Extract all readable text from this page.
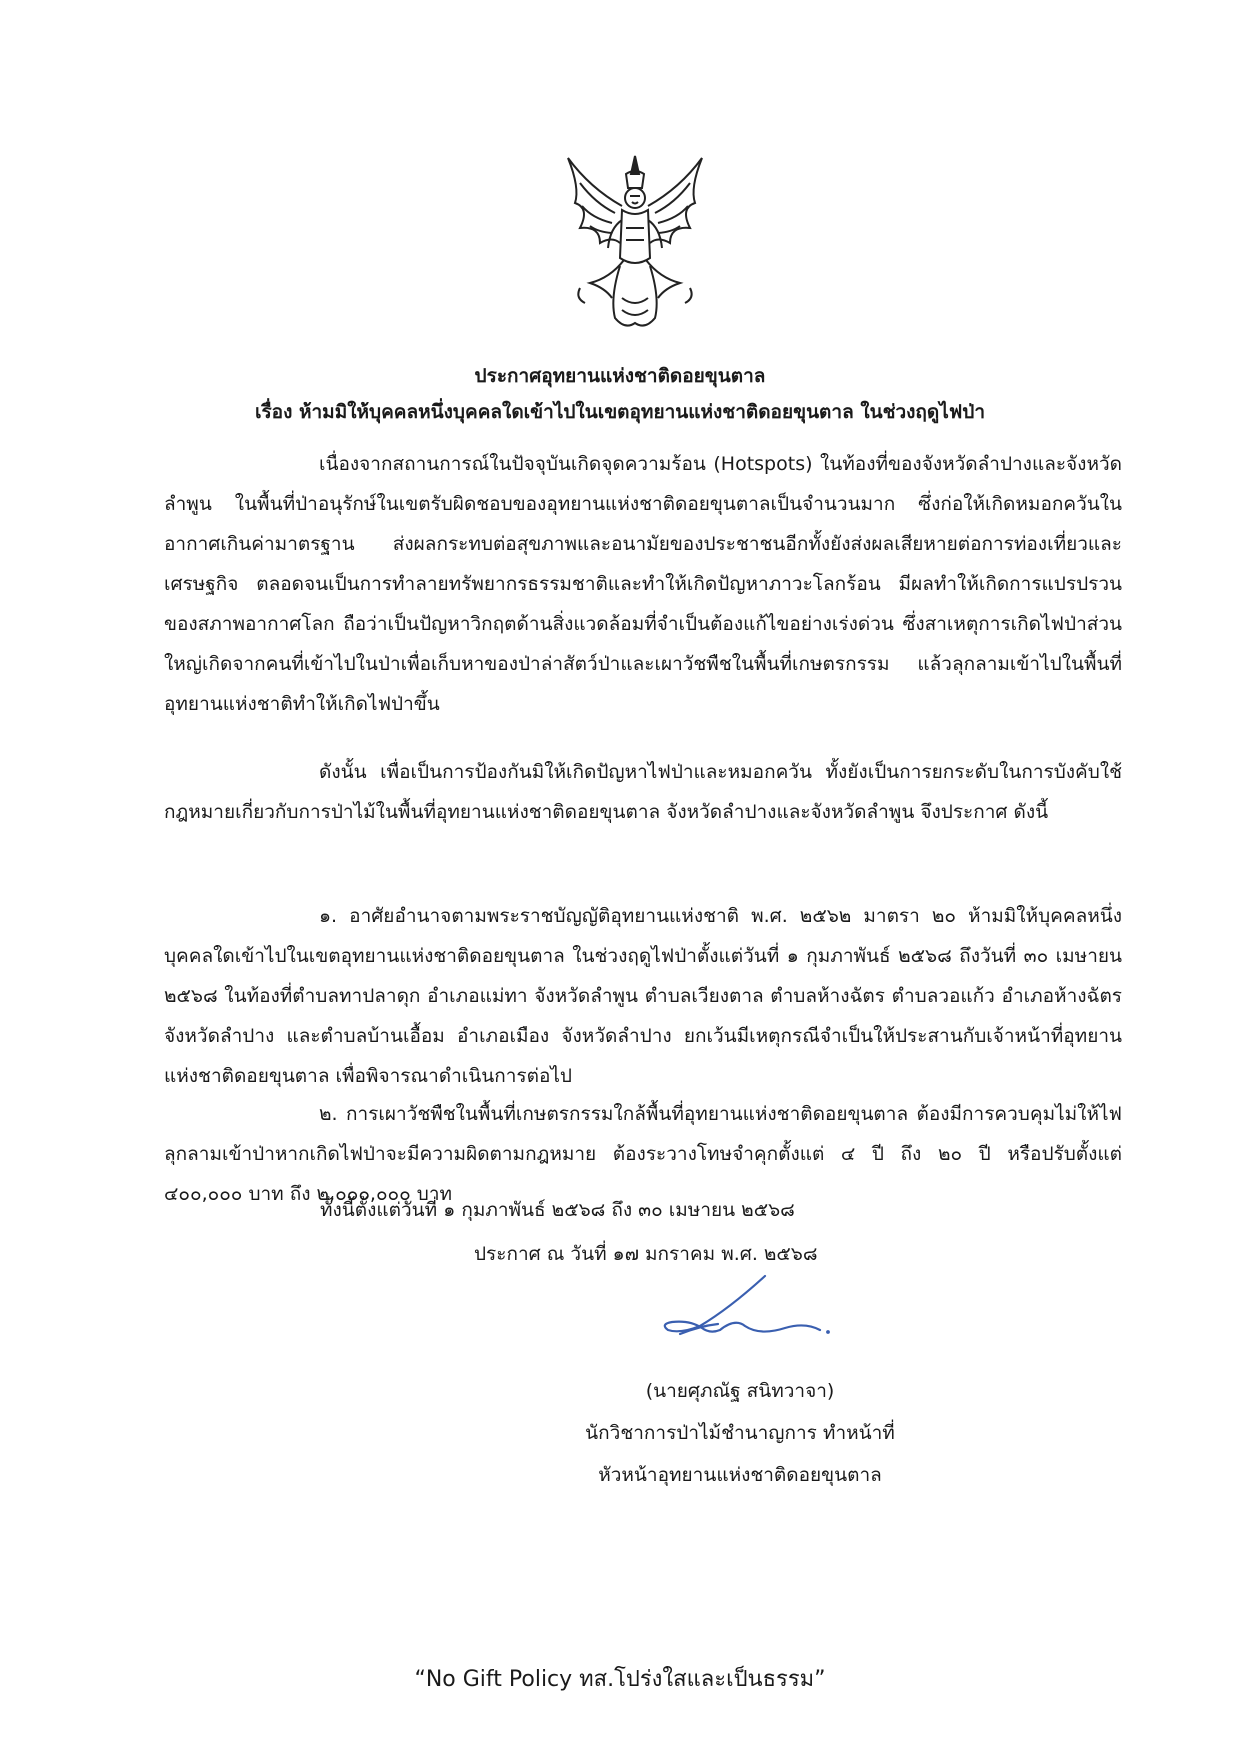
ประกาศอุทยานแห่งชาติดอยขุนตาล
เรื่อง ห้ามมิให้บุคคลหนึ่งบุคคลใดเข้าไปในเขตอุทยานแห่งชาติดอยขุนตาล ในช่วงฤดูไฟป่า

เนื่องจากสถานการณ์ในปัจจุบันเกิดจุดความร้อน (Hotspots) ในท้องที่ของจังหวัดลำปางและจังหวัดลำพูน ในพื้นที่ป่าอนุรักษ์ในเขตรับผิดชอบของอุทยานแห่งชาติดอยขุนตาลเป็นจำนวนมาก ซึ่งก่อให้เกิดหมอกควันในอากาศเกินค่ามาตรฐาน ส่งผลกระทบต่อสุขภาพและอนามัยของประชาชนอีกทั้งยังส่งผลเสียหายต่อการท่องเที่ยวและเศรษฐกิจ ตลอดจนเป็นการทำลายทรัพยากรธรรมชาติและทำให้เกิดปัญหาภาวะโลกร้อน มีผลทำให้เกิดการแปรปรวนของสภาพอากาศโลก ถือว่าเป็นปัญหาวิกฤตด้านสิ่งแวดล้อมที่จำเป็นต้องแก้ไขอย่างเร่งด่วน ซึ่งสาเหตุการเกิดไฟป่าส่วนใหญ่เกิดจากคนที่เข้าไปในป่าเพื่อเก็บหาของป่าล่าสัตว์ป่าและเผาวัชพืชในพื้นที่เกษตรกรรม แล้วลุกลามเข้าไปในพื้นที่อุทยานแห่งชาติทำให้เกิดไฟป่าขึ้น

ดังนั้น เพื่อเป็นการป้องกันมิให้เกิดปัญหาไฟป่าและหมอกควัน ทั้งยังเป็นการยกระดับในการบังคับใช้กฎหมายเกี่ยวกับการป่าไม้ในพื้นที่อุทยานแห่งชาติดอยขุนตาล จังหวัดลำปางและจังหวัดลำพูน จึงประกาศ ดังนี้

๑. อาศัยอำนาจตามพระราชบัญญัติอุทยานแห่งชาติ พ.ศ. ๒๕๖๒ มาตรา ๒๐ ห้ามมิให้บุคคลหนึ่งบุคคลใดเข้าไปในเขตอุทยานแห่งชาติดอยขุนตาล ในช่วงฤดูไฟป่าตั้งแต่วันที่ ๑ กุมภาพันธ์ ๒๕๖๘ ถึงวันที่ ๓๐ เมษายน ๒๕๖๘ ในท้องที่ตำบลทาปลาดุก อำเภอแม่ทา จังหวัดลำพูน ตำบลเวียงตาล ตำบลห้างฉัตร ตำบลวอแก้ว อำเภอห้างฉัตร จังหวัดลำปาง และตำบลบ้านเอื้อม อำเภอเมือง จังหวัดลำปาง ยกเว้นมีเหตุกรณีจำเป็นให้ประสานกับเจ้าหน้าที่อุทยานแห่งชาติดอยขุนตาล เพื่อพิจารณาดำเนินการต่อไป

๒. การเผาวัชพืชในพื้นที่เกษตรกรรมใกล้พื้นที่อุทยานแห่งชาติดอยขุนตาล ต้องมีการควบคุมไม่ให้ไฟลุกลามเข้าป่าหากเกิดไฟป่าจะมีความผิดตามกฎหมาย ต้องระวางโทษจำคุกตั้งแต่ ๔ ปี ถึง ๒๐ ปี หรือปรับตั้งแต่ ๔๐๐,๐๐๐ บาท ถึง ๒,๐๐๐,๐๐๐ บาท

ทั้งนี้ตั้งแต่วันที่ ๑ กุมภาพันธ์ ๒๕๖๘ ถึง ๓๐ เมษายน ๒๕๖๘
ประกาศ ณ วันที่ ๑๗ มกราคม พ.ศ. ๒๕๖๘
(นายศุภณัฐ สนิทวาจา)
นักวิชาการป่าไม้ชำนาญการ ทำหน้าที่
หัวหน้าอุทยานแห่งชาติดอยขุนตาล
“No Gift Policy ทส.โปร่งใสและเป็นธรรม”
